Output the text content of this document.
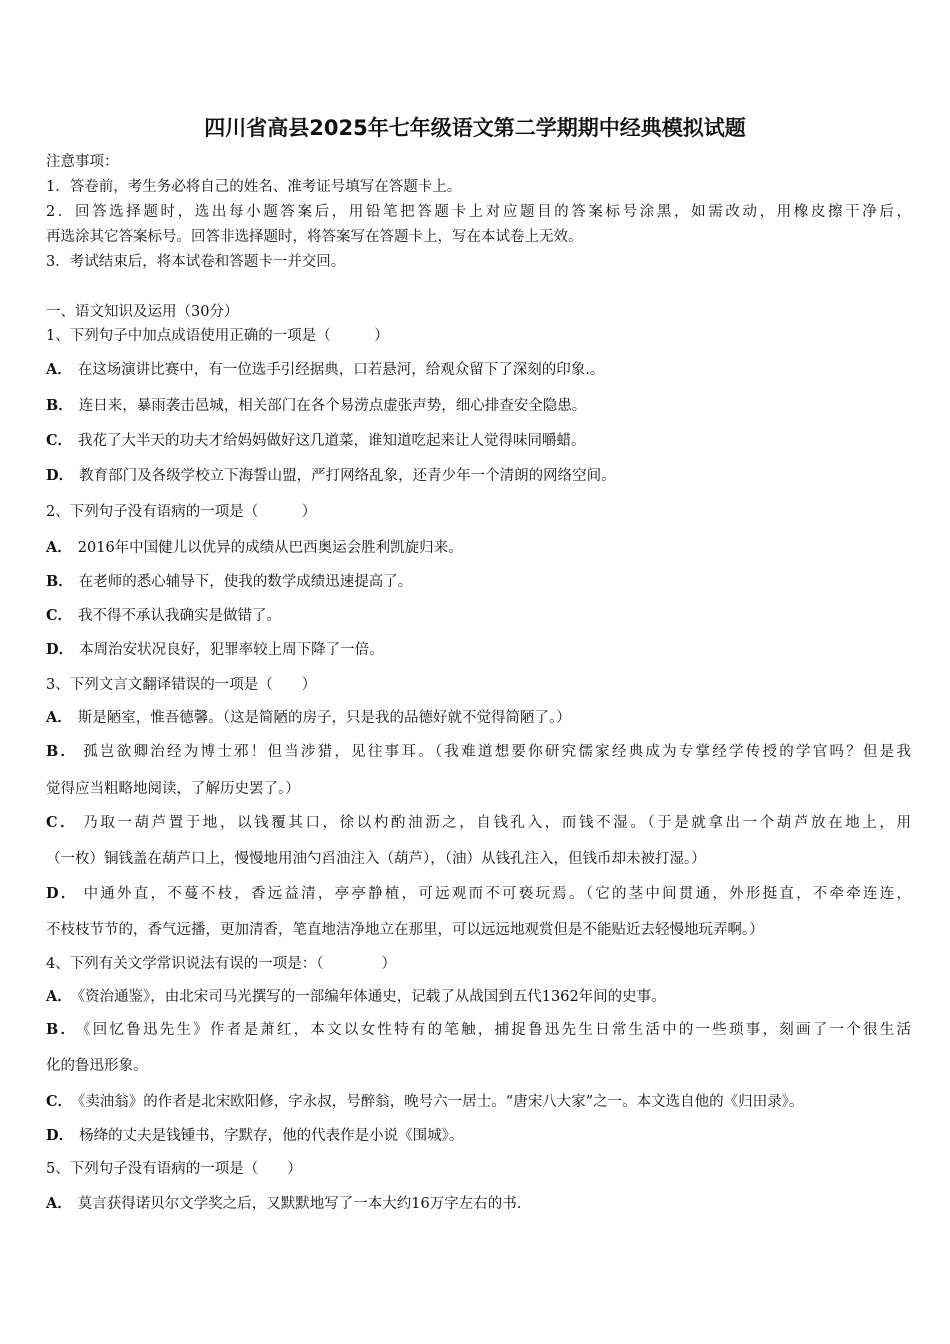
四川省高县2025年七年级语文第二学期期中经典模拟试题
注意事项：
1．答卷前，考生务必将自己的姓名、准考证号填写在答题卡上。
2．回答选择题时，选出每小题答案后，用铅笔把答题卡上对应题目的答案标号涂黑，如需改动，用橡皮擦干净后，
再选涂其它答案标号。回答非选择题时，将答案写在答题卡上，写在本试卷上无效。
3．考试结束后，将本试卷和答题卡一并交回。
一、语文知识及运用（30分）
1、下列句子中加点成语使用正确的一项是（　　　）
A． 在这场演讲比赛中，有一位选手引经据典，口若悬河，给观众留下了深刻的印象.。
B． 连日来，暴雨袭击邑城，相关部门在各个易涝点虚张声势，细心排查安全隐患。
C． 我花了大半天的功夫才给妈妈做好这几道菜，谁知道吃起来让人觉得味同嚼蜡。
D． 教育部门及各级学校立下海誓山盟，严打网络乱象，还青少年一个清朗的网络空间。
2、下列句子没有语病的一项是（　　　）
A． 2016年中国健儿以优异的成绩从巴西奥运会胜利凯旋归来。
B． 在老师的悉心辅导下，使我的数学成绩迅速提高了。
C． 我不得不承认我确实是做错了。
D． 本周治安状况良好，犯罪率较上周下降了一倍。
3、下列文言文翻译错误的一项是（　　）
A． 斯是陋室，惟吾德馨。（这是简陋的房子，只是我的品德好就不觉得简陋了。）
B． 孤岂欲卿治经为博士邪！但当涉猎，见往事耳。（我难道想要你研究儒家经典成为专掌经学传授的学官吗？但是我
觉得应当粗略地阅读，了解历史罢了。）
C． 乃取一葫芦置于地，以钱覆其口，徐以杓酌油沥之，自钱孔入，而钱不湿。（于是就拿出一个葫芦放在地上，用
（一枚）铜钱盖在葫芦口上，慢慢地用油勺舀油注入（葫芦），（油）从钱孔注入，但钱币却未被打湿。）
D． 中通外直，不蔓不枝，香远益清，亭亭静植，可远观而不可亵玩焉。（它的茎中间贯通，外形挺直，不牵牵连连，
不枝枝节节的，香气远播，更加清香，笔直地洁净地立在那里，可以远远地观赏但是不能贴近去轻慢地玩弄啊。）
4、下列有关文学常识说法有误的一项是：（　　　　）
A． 《资治通鉴》，由北宋司马光撰写的一部编年体通史，记载了从战国到五代1362年间的史事。
B． 《回忆鲁迅先生》作者是萧红，本文以女性特有的笔触，捕捉鲁迅先生日常生活中的一些琐事，刻画了一个很生活
化的鲁迅形象。
C． 《卖油翁》的作者是北宋欧阳修，字永叔，号醉翁，晚号六一居士。“唐宋八大家”之一。本文选自他的《归田录》。
D． 杨绛的丈夫是钱锺书，字默存，他的代表作是小说《围城》。
5、下列句子没有语病的一项是（　　）
A． 莫言获得诺贝尔文学奖之后，又默默地写了一本大约16万字左右的书.
